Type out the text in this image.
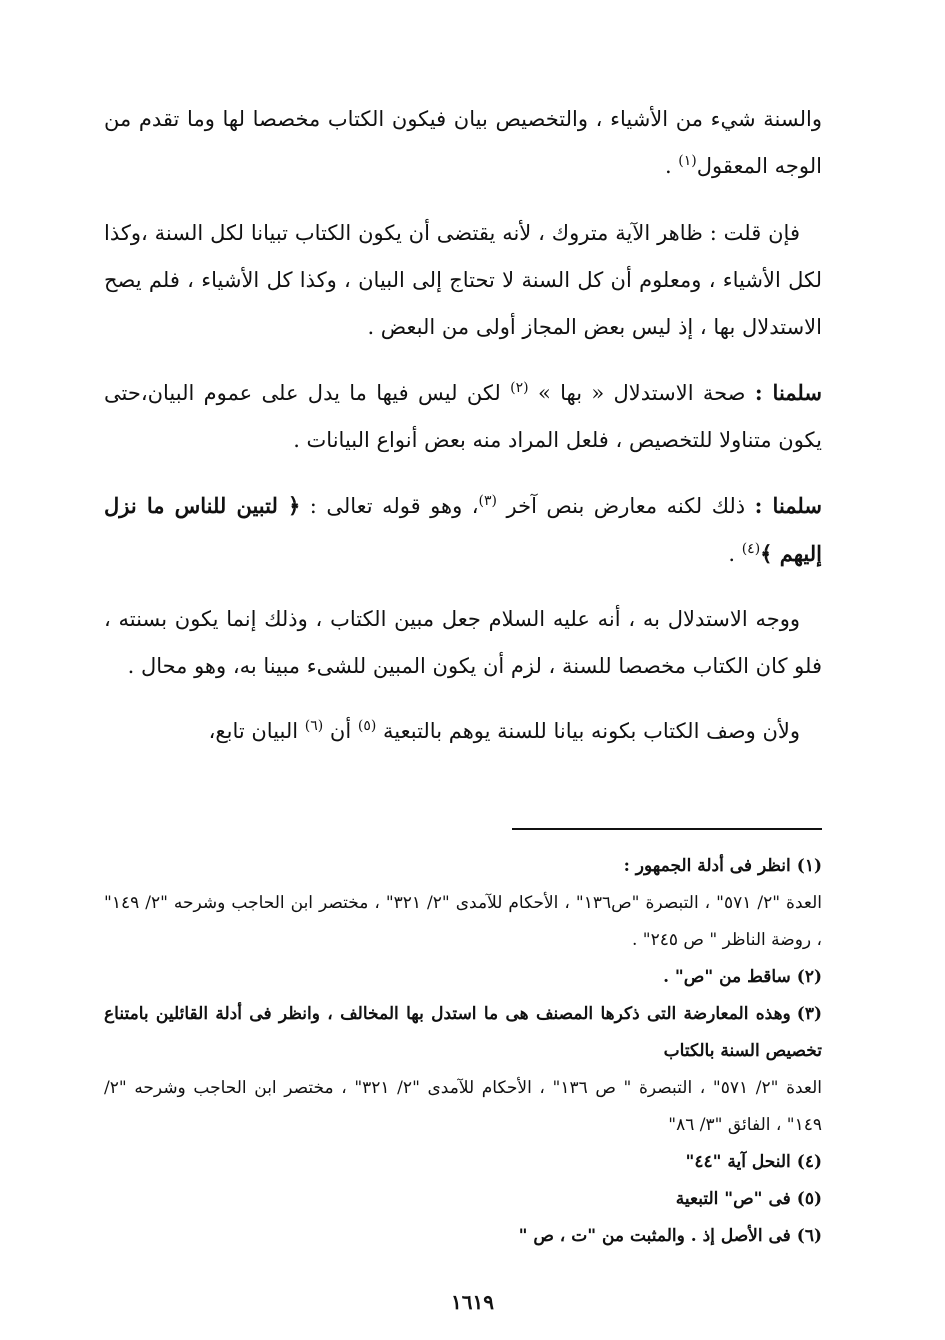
والسنة شيء من الأشياء ، والتخصيص بيان فيكون الكتاب مخصصا لها وما تقدم من الوجه المعقول$^{(١)}$ .

فإن قلت : ظاهر الآية متروك ، لأنه يقتضى أن يكون الكتاب تبيانا لكل السنة ،وكذا لكل الأشياء ، ومعلوم أن كل السنة لا تحتاج إلى البيان ، وكذا كل الأشياء ، فلم يصح الاستدلال بها ، إذ ليس بعض المجاز أولى من البعض .

سلمنا : صحة الاستدلال « بها » $^{(٢)}$ لكن ليس فيها ما يدل على عموم البيان،حتى يكون متناولا للتخصيص ، فلعل المراد منه بعض أنواع البيانات .

سلمنا : ذلك لكنه معارض بنص آخر $^{(٣)}$، وهو قوله تعالى : ﴿ لتبين للناس ما نزل إليهم ﴾$^{(٤)}$ .

ووجه الاستدلال به ، أنه عليه السلام جعل مبين الكتاب ، وذلك إنما يكون بسنته ، فلو كان الكتاب مخصصا للسنة ، لزم أن يكون المبين للشىء مبينا به، وهو محال .

ولأن وصف الكتاب بكونه بيانا للسنة يوهم بالتبعية $^{(٥)}$ أن $^{(٦)}$ البيان تابع،

(١)انظر فى أدلة الجمهور :

العدة "٢/ ٥٧١" ، التبصرة "ص١٣٦" ، الأحكام للآمدى "٢/ ٣٢١" ، مختصر ابن الحاجب وشرحه "٢/ ١٤٩" ، روضة الناظر " ص ٢٤٥" .

(٢)ساقط من "ص" .

(٣)وهذه المعارضة التى ذكرها المصنف هى ما استدل بها المخالف ، وانظر فى أدلة القائلين بامتناع تخصيص السنة بالكتاب

العدة "٢/ ٥٧١" ، التبصرة " ص ١٣٦" ، الأحكام للآمدى "٢/ ٣٢١" ، مختصر ابن الحاجب وشرحه "٢/ ١٤٩" ، الفائق "٣/ ٨٦"

(٤)النحل آية "٤٤"

(٥)فى "ص" التبعية

(٦)فى الأصل إذ . والمثبت من "ت ، ص "

١٦١٩
